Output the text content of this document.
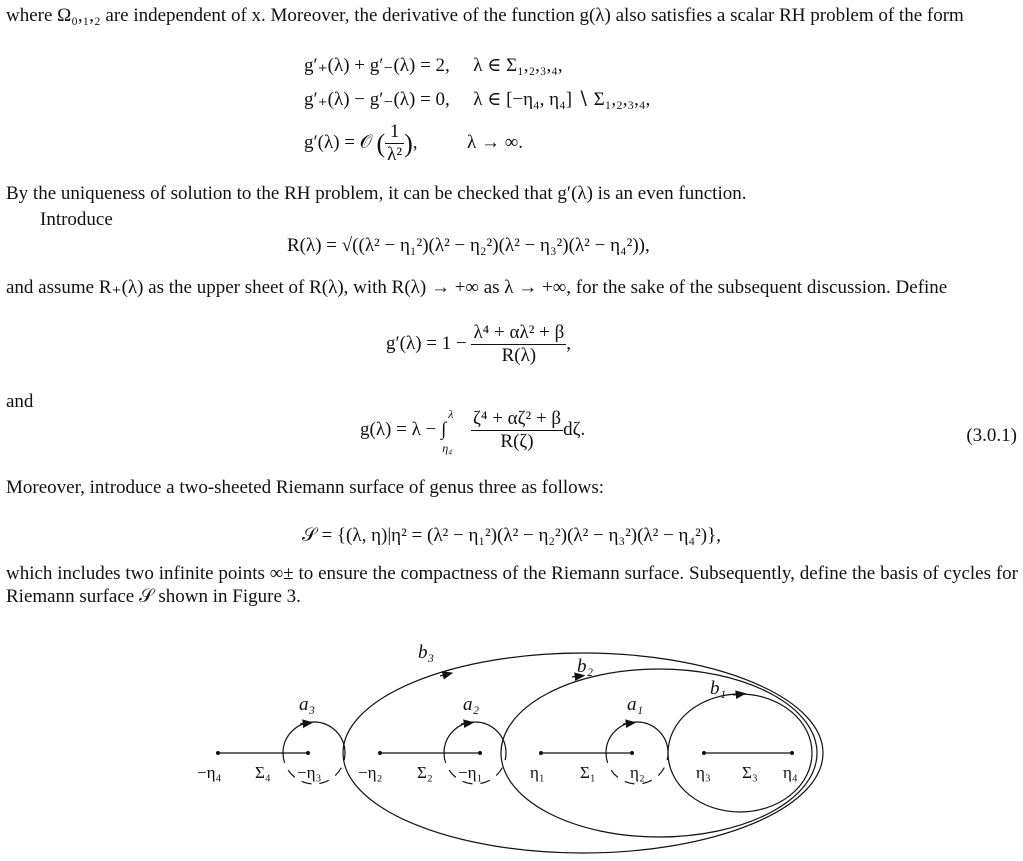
where Ω₀,₁,₂ are independent of x. Moreover, the derivative of the function g(λ) also satisfies a scalar RH problem of the form
g′₊(λ) + g′₋(λ) = 2, λ ∈ Σ₁,₂,₃,₄,
g′₊(λ) − g′₋(λ) = 0, λ ∈ [−η₄, η₄] ∖ Σ₁,₂,₃,₄,
g′(λ) = 𝒪 ( $\frac{1}{\text{λ²}}$ ),  λ → ∞.
By the uniqueness of solution to the RH problem, it can be checked that g′(λ) is an even function.
Introduce
R(λ) = √((λ² − η₁²)(λ² − η₂²)(λ² − η₃²)(λ² − η₄²)),
and assume R₊(λ) as the upper sheet of R(λ), with R(λ) → +∞ as λ → +∞, for the sake of the subsequent discussion. Define
$g'(\lambda) = 1 - \frac{\text{λ⁴ + αλ² + β}}{R(\lambda)}$ ,
and
g(λ) = λ − ∫
λ
η₄
$\frac{\text{ζ⁴ + αζ² + β}}{R(\zeta)} d\zeta$.	(3.0.1)
Moreover, introduce a two-sheeted Riemann surface of genus three as follows:
𝒮 = {(λ, η)|η² = (λ² − η₁²)(λ² − η₂²)(λ² − η₃²)(λ² − η₄²)},
which includes two infinite points ∞± to ensure the compactness of the Riemann surface. Subsequently, define the basis of cycles for Riemann surface 𝒮 shown in Figure 3.
−η₄	−η₃ −η₂	−η₁	η₁	η₂	η₃	η₄
Σ₄	Σ₂	Σ₁	Σ₃
a₃	a₂	a₁
b₃
b₂
b₁
